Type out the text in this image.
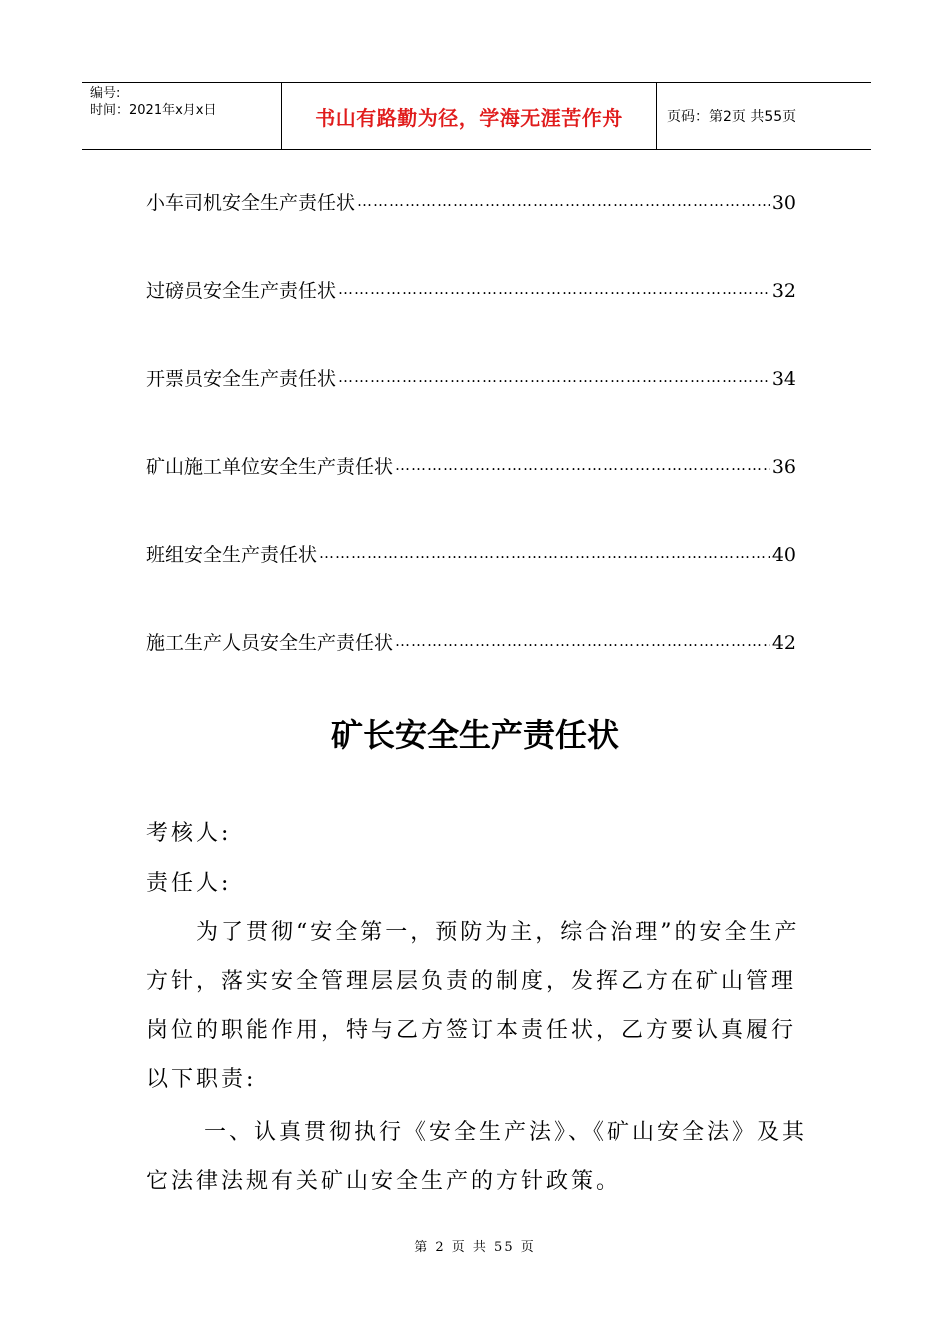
编号:
时间：2021年x月x日	书山有路勤为径，学海无涯苦作舟	页码：第2页 共55页
小车司机安全生产责任状 ……………………………………………………………………………………………………………………………………	30
过磅员安全生产责任状 ……………………………………………………………………………………………………………………………………	32
开票员安全生产责任状 ……………………………………………………………………………………………………………………………………	34
矿山施工单位安全生产责任状 ……………………………………………………………………………………………………………………………………	36
班组安全生产责任状 ……………………………………………………………………………………………………………………………………	40
施工生产人员安全生产责任状 ……………………………………………………………………………………………………………………………………	42
矿长安全生产责任状
考核人:
责任人:
为了贯彻“安全第一，预防为主，综合治理”的安全生产方针，落实安全管理层层负责的制度，发挥乙方在矿山管理岗位的职能作用，特与乙方签订本责任状，乙方要认真履行以下职责:
一、认真贯彻执行《安全生产法》、《矿山安全法》及其它法律法规有关矿山安全生产的方针政策。
第 2 页 共 55 页
